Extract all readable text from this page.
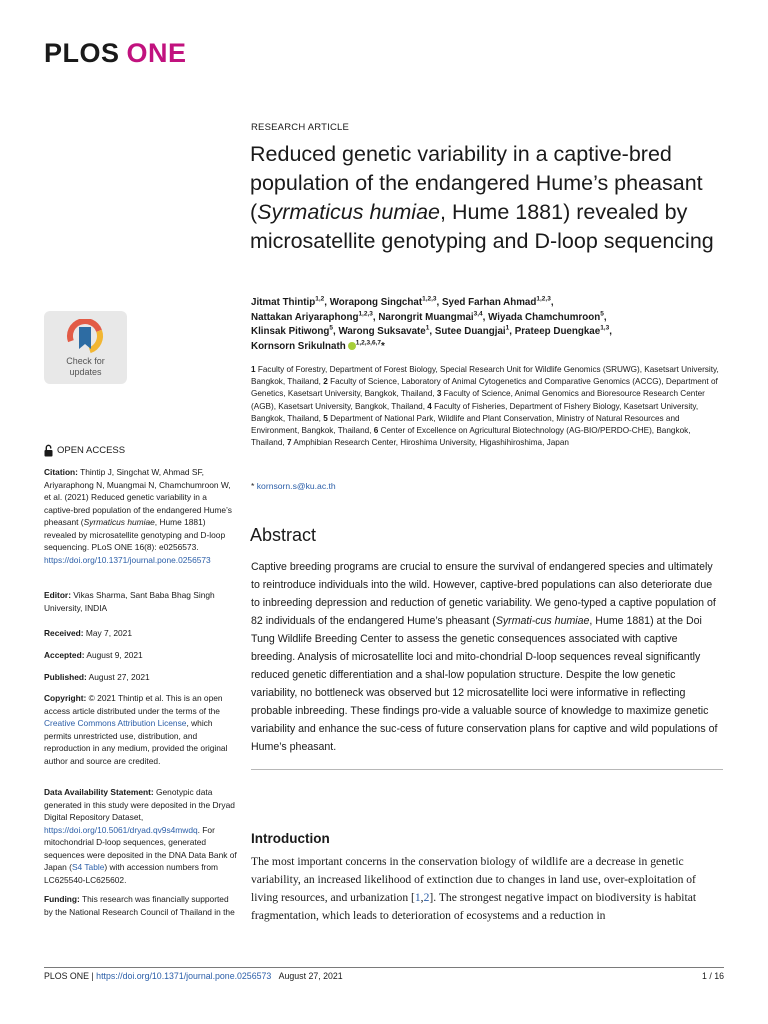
PLOS ONE
Check for
updates
OPEN ACCESS
Citation: Thintip J, Singchat W, Ahmad SF, Ariyaraphong N, Muangmai N, Chamchumroon W, et al. (2021) Reduced genetic variability in a captive-bred population of the endangered Hume’s pheasant (Syrmaticus humiae, Hume 1881) revealed by microsatellite genotyping and D-loop sequencing. PLoS ONE 16(8): e0256573. https://doi.org/10.1371/journal.pone.0256573
Editor: Vikas Sharma, Sant Baba Bhag Singh University, INDIA
Received: May 7, 2021
Accepted: August 9, 2021
Published: August 27, 2021
Copyright: © 2021 Thintip et al. This is an open access article distributed under the terms of the Creative Commons Attribution License, which permits unrestricted use, distribution, and reproduction in any medium, provided the original author and source are credited.
Data Availability Statement: Genotypic data generated in this study were deposited in the Dryad Digital Repository Dataset, https://doi.org/10.5061/dryad.qv9s4mwdq. For mitochondrial D-loop sequences, generated sequences were deposited in the DNA Data Bank of Japan (S4 Table) with accession numbers from LC625540-LC625602.
Funding: This research was financially supported by the National Research Council of Thailand in the
RESEARCH ARTICLE
Reduced genetic variability in a captive-bred population of the endangered Hume’s pheasant (Syrmaticus humiae, Hume 1881) revealed by microsatellite genotyping and D-loop sequencing
Jitmat Thintip$^{1,2}$, Worapong Singchat$^{1,2,3}$, Syed Farhan Ahmad$^{1,2,3}$,
Nattakan Ariyaraphong$^{1,2,3}$, Narongrit Muangmai$^{3,4}$, Wiyada Chamchumroon$^5$,
Klinsak Pitiwong$^5$, Warong Suksavate$^1$, Sutee Duangjai$^1$, Prateep Duengkae$^{1,3}$,
Kornsorn Srikulnath $^{1,2,3,6,7}$*
1 Faculty of Forestry, Department of Forest Biology, Special Research Unit for Wildlife Genomics (SRUWG), Kasetsart University, Bangkok, Thailand, 2 Faculty of Science, Laboratory of Animal Cytogenetics and Comparative Genomics (ACCG), Department of Genetics, Kasetsart University, Bangkok, Thailand, 3 Faculty of Science, Animal Genomics and Bioresource Research Center (AGB), Kasetsart University, Bangkok, Thailand, 4 Faculty of Fisheries, Department of Fishery Biology, Kasetsart University, Bangkok, Thailand, 5 Department of National Park, Wildlife and Plant Conservation, Ministry of Natural Resources and Environment, Bangkok, Thailand, 6 Center of Excellence on Agricultural Biotechnology (AG-BIO/PERDO-CHE), Bangkok, Thailand, 7 Amphibian Research Center, Hiroshima University, Higashihiroshima, Japan
* kornsorn.s@ku.ac.th
Abstract
Captive breeding programs are crucial to ensure the survival of endangered species and ultimately to reintroduce individuals into the wild. However, captive-bred populations can also deteriorate due to inbreeding depression and reduction of genetic variability. We geno-typed a captive population of 82 individuals of the endangered Hume’s pheasant (Syrmati-cus humiae, Hume 1881) at the Doi Tung Wildlife Breeding Center to assess the genetic consequences associated with captive breeding. Analysis of microsatellite loci and mito-chondrial D-loop sequences reveal significantly reduced genetic differentiation and a shal-low population structure. Despite the low genetic variability, no bottleneck was observed but 12 microsatellite loci were informative in reflecting probable inbreeding. These findings pro-vide a valuable source of knowledge to maximize genetic variability and enhance the suc-cess of future conservation plans for captive and wild populations of Hume’s pheasant.
Introduction
The most important concerns in the conservation biology of wildlife are a decrease in genetic variability, an increased likelihood of extinction due to changes in land use, over-exploitation of living resources, and urbanization [1,2]. The strongest negative impact on biodiversity is habitat fragmentation, which leads to deterioration of ecosystems and a reduction in
PLOS ONE | https://doi.org/10.1371/journal.pone.0256573 August 27, 2021	1 / 16
